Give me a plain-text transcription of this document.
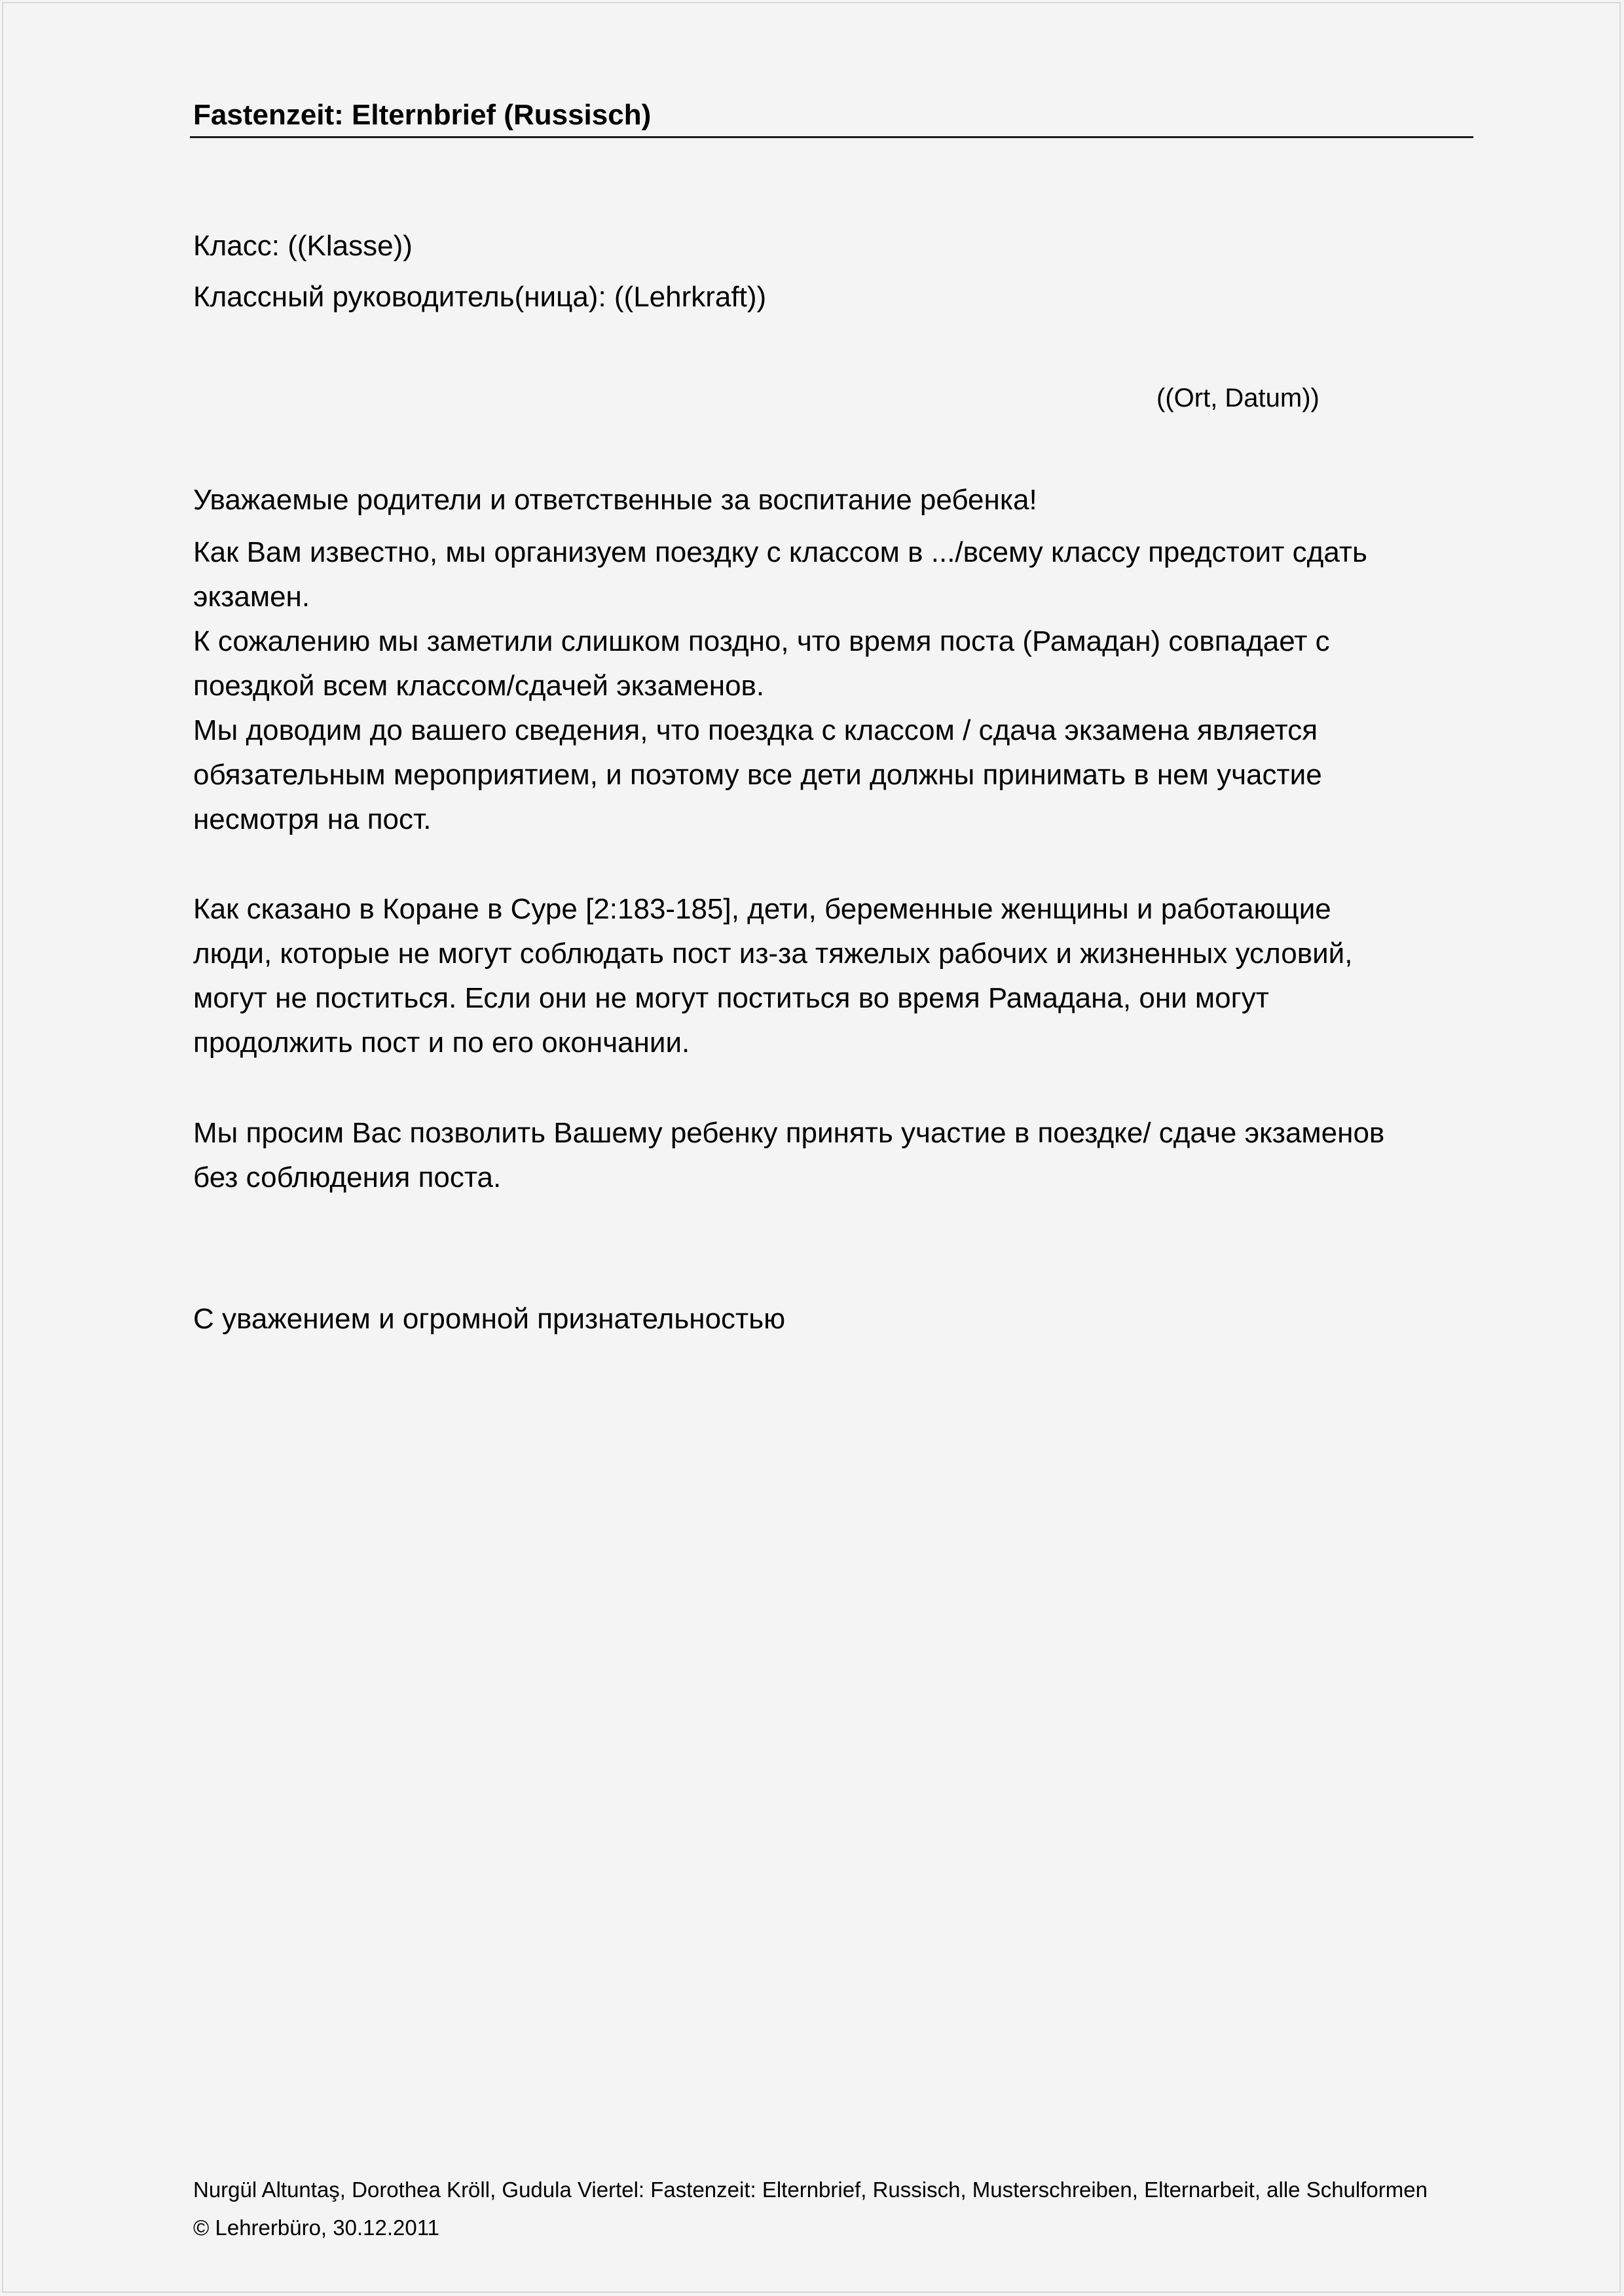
Fastenzeit: Elternbrief (Russisch)
Класс: ((Klasse))
Классный руководитель(ница): ((Lehrkraft))
((Ort, Datum))
Уважаемые родители и ответственные за воспитание ребенка!

Как Вам известно, мы организуем поездку с классом в .../всему классу предстоит сдать

экзамен.

К сожалению мы заметили слишком поздно, что время поста (Рамадан) совпадает с

поездкой всем классом/сдачей экзаменов.

Мы доводим до вашего сведения, что поездка с классом / сдача экзамена является

обязательным мероприятием, и поэтому все дети должны принимать в нем участие

несмотря на пост.

Как сказано в Коране в Суре [2:183-185], дети, беременные женщины и работающие

люди, которые не могут соблюдать пост из-за тяжелых рабочих и жизненных условий,

могут не поститься. Если они не могут поститься во время Рамадана, они могут

продолжить пост и по его окончании.

Мы просим Вас позволить Вашему ребенку принять участие в поездке/ сдаче экзаменов

без соблюдения поста.

С уважением и огромной признательностью
Nurgül Altuntaş, Dorothea Kröll, Gudula Viertel: Fastenzeit: Elternbrief, Russisch, Musterschreiben, Elternarbeit, alle Schulformen
© Lehrerbüro, 30.12.2011
